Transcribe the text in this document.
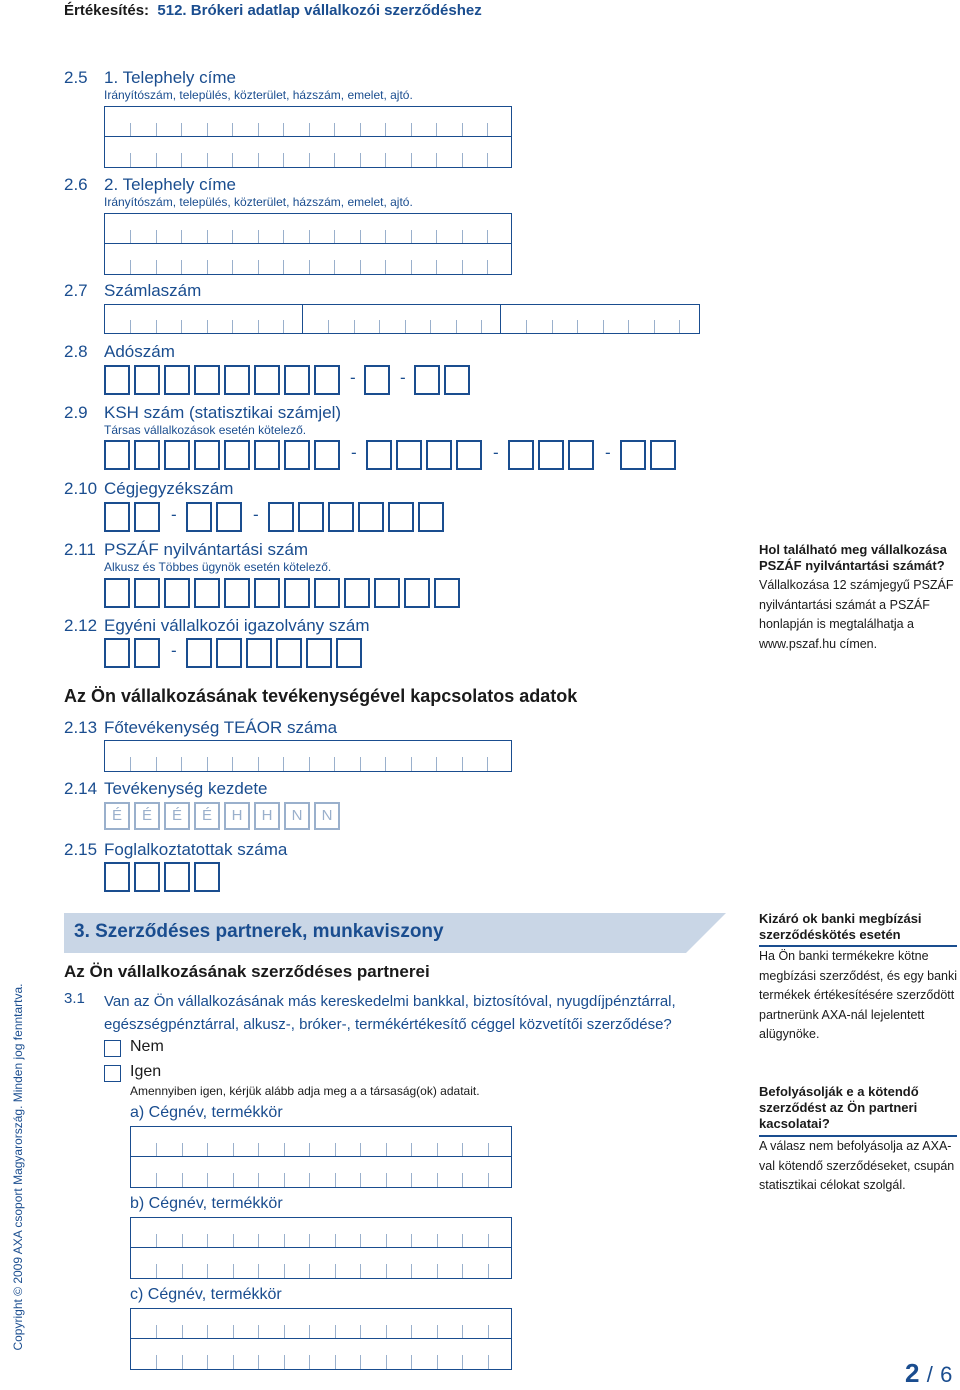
Értékesítés: 512. Brókeri adatlap vállalkozói szerződéshez
2.5 1. Telephely címe
Irányítószám, település, közterület, házszám, emelet, ajtó.
2.6 2. Telephely címe
Irányítószám, település, közterület, házszám, emelet, ajtó.
2.7 Számlaszám
2.8 Adószám
-	-
2.9 KSH szám (statisztikai számjel)
Társas vállalkozások esetén kötelező.
-	-	-
2.10 Cégjegyzékszám
-	-
2.11 PSZÁF nyilvántartási szám
Alkusz és Többes ügynök esetén kötelező.
2.12 Egyéni vállalkozói igazolvány szám
-
Hol található meg vállalkozása PSZÁF nyilvántartási számát?
Vállalkozása 12 számjegyű PSZÁF nyilvántartási számát a PSZÁF honlapján is megtalálhatja a www.pszaf.hu címen.
Az Ön vállalkozásának tevékenységével kapcsolatos adatok
2.13 Főtevékenység TEÁOR száma
2.14 Tevékenység kezdete
É	É	É	É	H	H	N	N
2.15 Foglalkoztatottak száma
3. Szerződéses partnerek, munkaviszony
Az Ön vállalkozásának szerződéses partnerei
3.1 Van az Ön vállalkozásának más kereskedelmi bankkal, biztosítóval, nyugdíjpénztárral, egészségpénztárral, alkusz-, bróker-, termékértékesítő céggel közvetítői szerződése?
Nem
Igen
Amennyiben igen, kérjük alább adja meg a a társaság(ok) adatait.
a) Cégnév, termékkör
b) Cégnév, termékkör
c) Cégnév, termékkör
Kizáró ok banki megbízási szerződéskötés esetén
Ha Ön banki termékekre kötne megbízási szerződést, és egy banki termékek értékesítésére szerződött partnerünk AXA-nál lejelentett alügynöke.
Befolyásolják e a kötendő szerződést az Ön partneri kacsolatai?
A válasz nem befolyásolja az AXA-val kötendő szerződéseket, csupán statisztikai célokat szolgál.
Copyright © 2009 AXA csoport Magyarország. Minden jog fenntartva.
2 / 6
